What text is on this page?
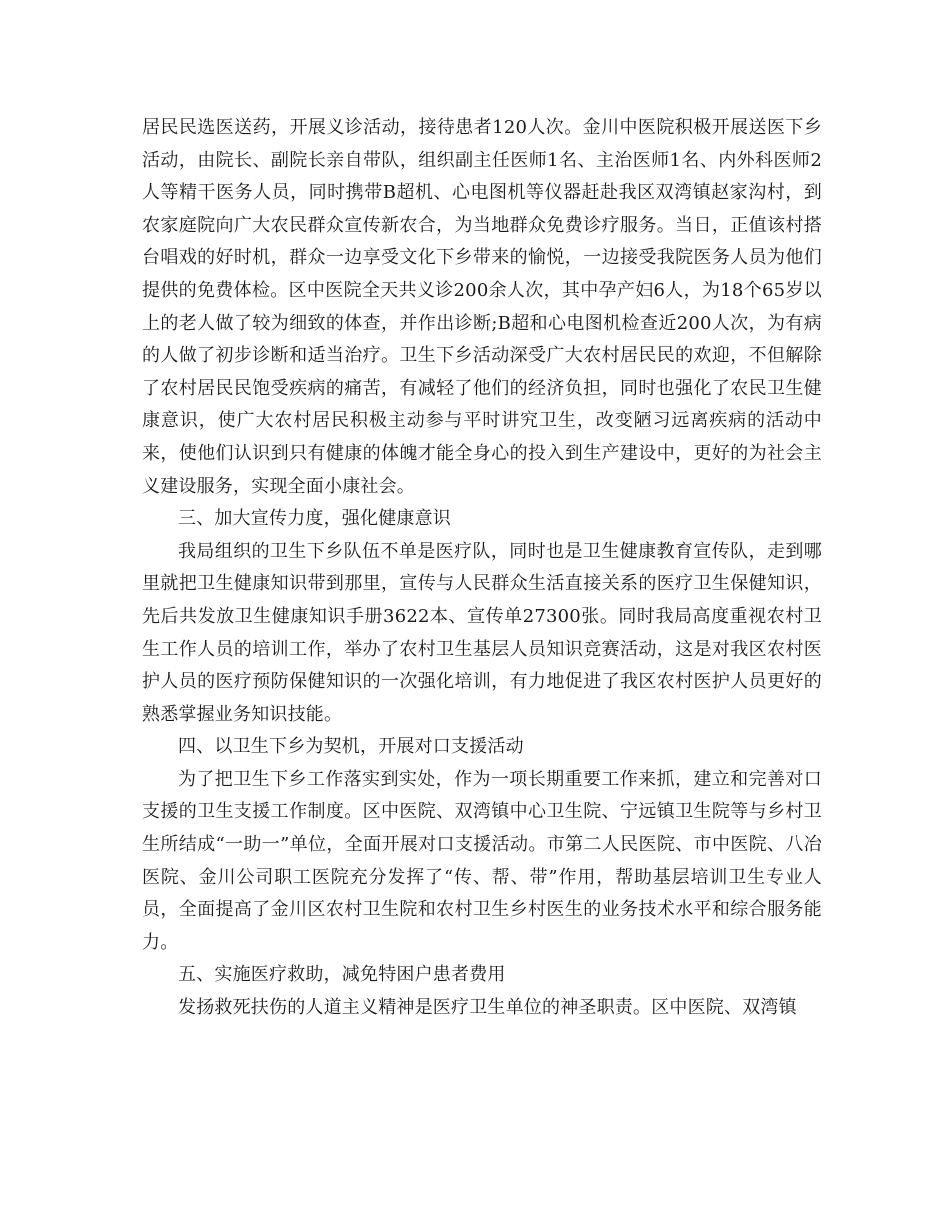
居民民选医送药，开展义诊活动，接待患者120人次。金川中医院积极开展送医下乡活动，由院长、副院长亲自带队，组织副主任医师1名、主治医师1名、内外科医师2人等精干医务人员，同时携带B超机、心电图机等仪器赶赴我区双湾镇赵家沟村，到农家庭院向广大农民群众宣传新农合，为当地群众免费诊疗服务。当日，正值该村搭台唱戏的好时机，群众一边享受文化下乡带来的愉悦，一边接受我院医务人员为他们提供的免费体检。区中医院全天共义诊200余人次，其中孕产妇6人，为18个65岁以上的老人做了较为细致的体查，并作出诊断;B超和心电图机检查近200人次，为有病的人做了初步诊断和适当治疗。卫生下乡活动深受广大农村居民民的欢迎，不但解除了农村居民民饱受疾病的痛苦，有减轻了他们的经济负担，同时也强化了农民卫生健康意识，使广大农村居民积极主动参与平时讲究卫生，改变陋习远离疾病的活动中来，使他们认识到只有健康的体魄才能全身心的投入到生产建设中，更好的为社会主义建设服务，实现全面小康社会。

三、加大宣传力度，强化健康意识

我局组织的卫生下乡队伍不单是医疗队，同时也是卫生健康教育宣传队，走到哪里就把卫生健康知识带到那里，宣传与人民群众生活直接关系的医疗卫生保健知识，先后共发放卫生健康知识手册3622本、宣传单27300张。同时我局高度重视农村卫生工作人员的培训工作，举办了农村卫生基层人员知识竞赛活动，这是对我区农村医护人员的医疗预防保健知识的一次强化培训，有力地促进了我区农村医护人员更好的熟悉掌握业务知识技能。

四、以卫生下乡为契机，开展对口支援活动

为了把卫生下乡工作落实到实处，作为一项长期重要工作来抓，建立和完善对口支援的卫生支援工作制度。区中医院、双湾镇中心卫生院、宁远镇卫生院等与乡村卫生所结成“一助一”单位，全面开展对口支援活动。市第二人民医院、市中医院、八冶医院、金川公司职工医院充分发挥了“传、帮、带”作用，帮助基层培训卫生专业人员，全面提高了金川区农村卫生院和农村卫生乡村医生的业务技术水平和综合服务能力。

五、实施医疗救助，减免特困户患者费用

发扬救死扶伤的人道主义精神是医疗卫生单位的神圣职责。区中医院、双湾镇
